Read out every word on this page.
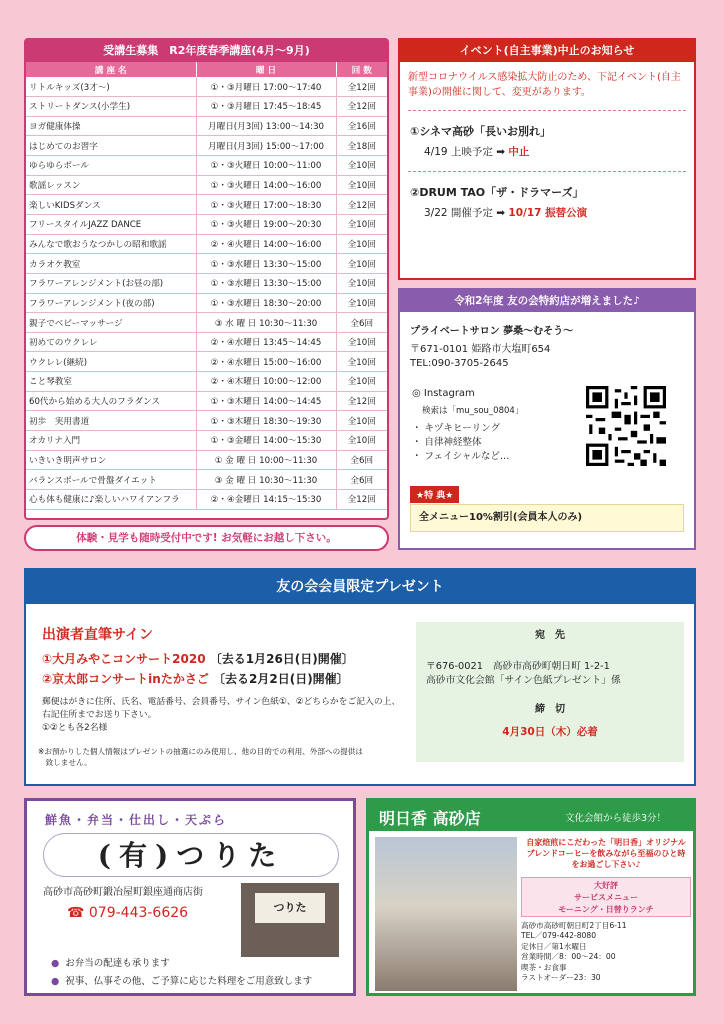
受講生募集　R2年度春季講座(4月～9月)
講 座 名	曜 日	回 数
リトルキッズ(3才～)	①・③月曜日 17:00～17:40	全12回
ストリートダンス(小学生)	①・③月曜日 17:45～18:45	全12回
ヨガ健康体操	月曜日(月3回) 13:00～14:30	全16回
はじめてのお習字	月曜日(月3回) 15:00～17:00	全18回
ゆらゆらボール	①・③火曜日 10:00～11:00	全10回
歌謡レッスン	①・③火曜日 14:00～16:00	全10回
楽しいKIDSダンス	①・③火曜日 17:00～18:30	全12回
フリースタイルJAZZ DANCE	①・③火曜日 19:00～20:30	全10回
みんなで歌おうなつかしの昭和歌謡	②・④火曜日 14:00～16:00	全10回
カラオケ教室	①・③水曜日 13:30～15:00	全10回
フラワーアレンジメント(お昼の部)	①・③水曜日 13:30～15:00	全10回
フラワーアレンジメント(夜の部)	①・③水曜日 18:30～20:00	全10回
親子でベビーマッサージ	③ 水 曜 日 10:30～11:30	全6回
初めてのウクレレ	②・④水曜日 13:45～14:45	全10回
ウクレレ(継続)	②・④水曜日 15:00～16:00	全10回
こと琴教室	②・④木曜日 10:00～12:00	全10回
60代から始める大人のフラダンス	①・③木曜日 14:00～14:45	全12回
初歩　実用書道	①・③木曜日 18:30～19:30	全10回
オカリナ入門	①・③金曜日 14:00～15:30	全10回
いきいき明声サロン	① 金 曜 日 10:00～11:30	全6回
バランスボールで骨盤ダイエット	③ 金 曜 日 10:30～11:30	全6回
心も体も健康に♪楽しいハワイアンフラ	②・④金曜日 14:15～15:30	全12回
体験・見学も随時受付中です! お気軽にお越し下さい。
イベント(自主事業)中止のお知らせ
新型コロナウイルス感染拡大防止のため、下記イベント(自主事業)の開催に関して、変更があります。
①シネマ高砂「長いお別れ」
4/19 上映予定 ➡ 中止
②DRUM TAO「ザ・ドラマーズ」
3/22 開催予定 ➡ 10/17 振替公演
令和2年度 友の会特約店が増えました♪
プライベートサロン 夢桑～むそう～
〒671-0101 姫路市大塩町654
TEL:090-3705-2645
◎ Instagram
検索は「mu_sou_0804」
・ キヅキヒーリング
・ 自律神経整体
・ フェイシャルなど…
★特 典★
全メニュー10%割引(会員本人のみ)
友の会会員限定プレゼント
出演者直筆サイン
①大月みやこコンサート2020 〔去る1月26日(日)開催〕
②京太郎コンサートinたかさご 〔去る2月2日(日)開催〕
郵便はがきに住所、氏名、電話番号、会員番号、サイン色紙①、②どちらかをご記入の上、
右記住所までお送り下さい。
①②とも各2名様
※お預かりした個人情報はプレゼントの抽選にのみ使用し、他の目的での利用、外部への提供は
　致しません。
宛　先
〒676-0021　高砂市高砂町朝日町 1-2-1
高砂市文化会館「サイン色紙プレゼント」係
締　切
4月30日（木）必着
鮮魚・弁当・仕出し・天ぷら
(有)つりた
高砂市高砂町鍛冶屋町銀座通商店街
☎ 079-443-6626	つりた
● お弁当の配達も承ります
● 祝事、仏事その他、ご予算に応じた料理をご用意致します
明日香 高砂店	文化会館から徒歩3分！
自家焙煎にこだわった「明日香」オリジナル
ブレンドコーヒーを飲みながら至福のひと時
をお過ごし下さい♪
大好評
サービスメニュー
モーニング・日替りランチ
高砂市高砂町朝日町2丁目6-11
TEL／079-442-8080
定休日／第1水曜日
営業時間／8：00～24：00
喫茶・お食事
ラストオーダー23：30
